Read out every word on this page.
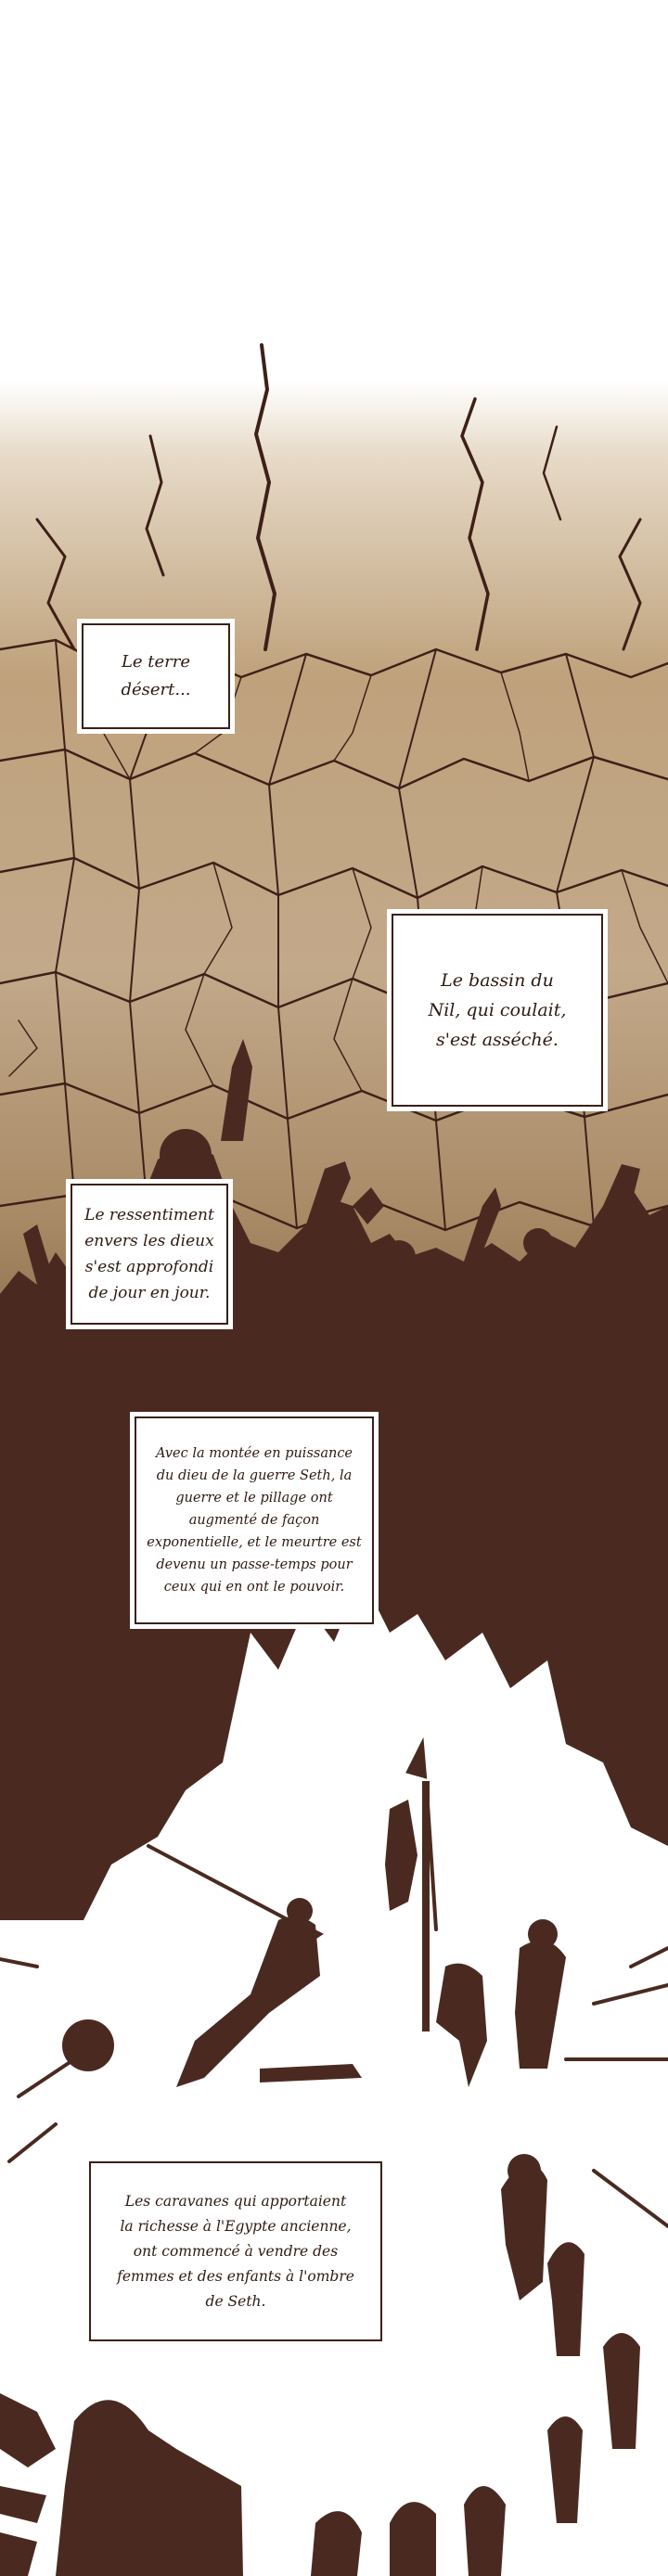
Le terre
désert...
Le bassin du
Nil, qui coulait,
s'est asséché.
Le ressentiment
envers les dieux
s'est approfondi
de jour en jour.
Avec la montée en puissance
du dieu de la guerre Seth, la
guerre et le pillage ont
augmenté de façon
exponentielle, et le meurtre est
devenu un passe-temps pour
ceux qui en ont le pouvoir.
Les caravanes qui apportaient
la richesse à l'Egypte ancienne,
ont commencé à vendre des
femmes et des enfants à l'ombre
de Seth.
